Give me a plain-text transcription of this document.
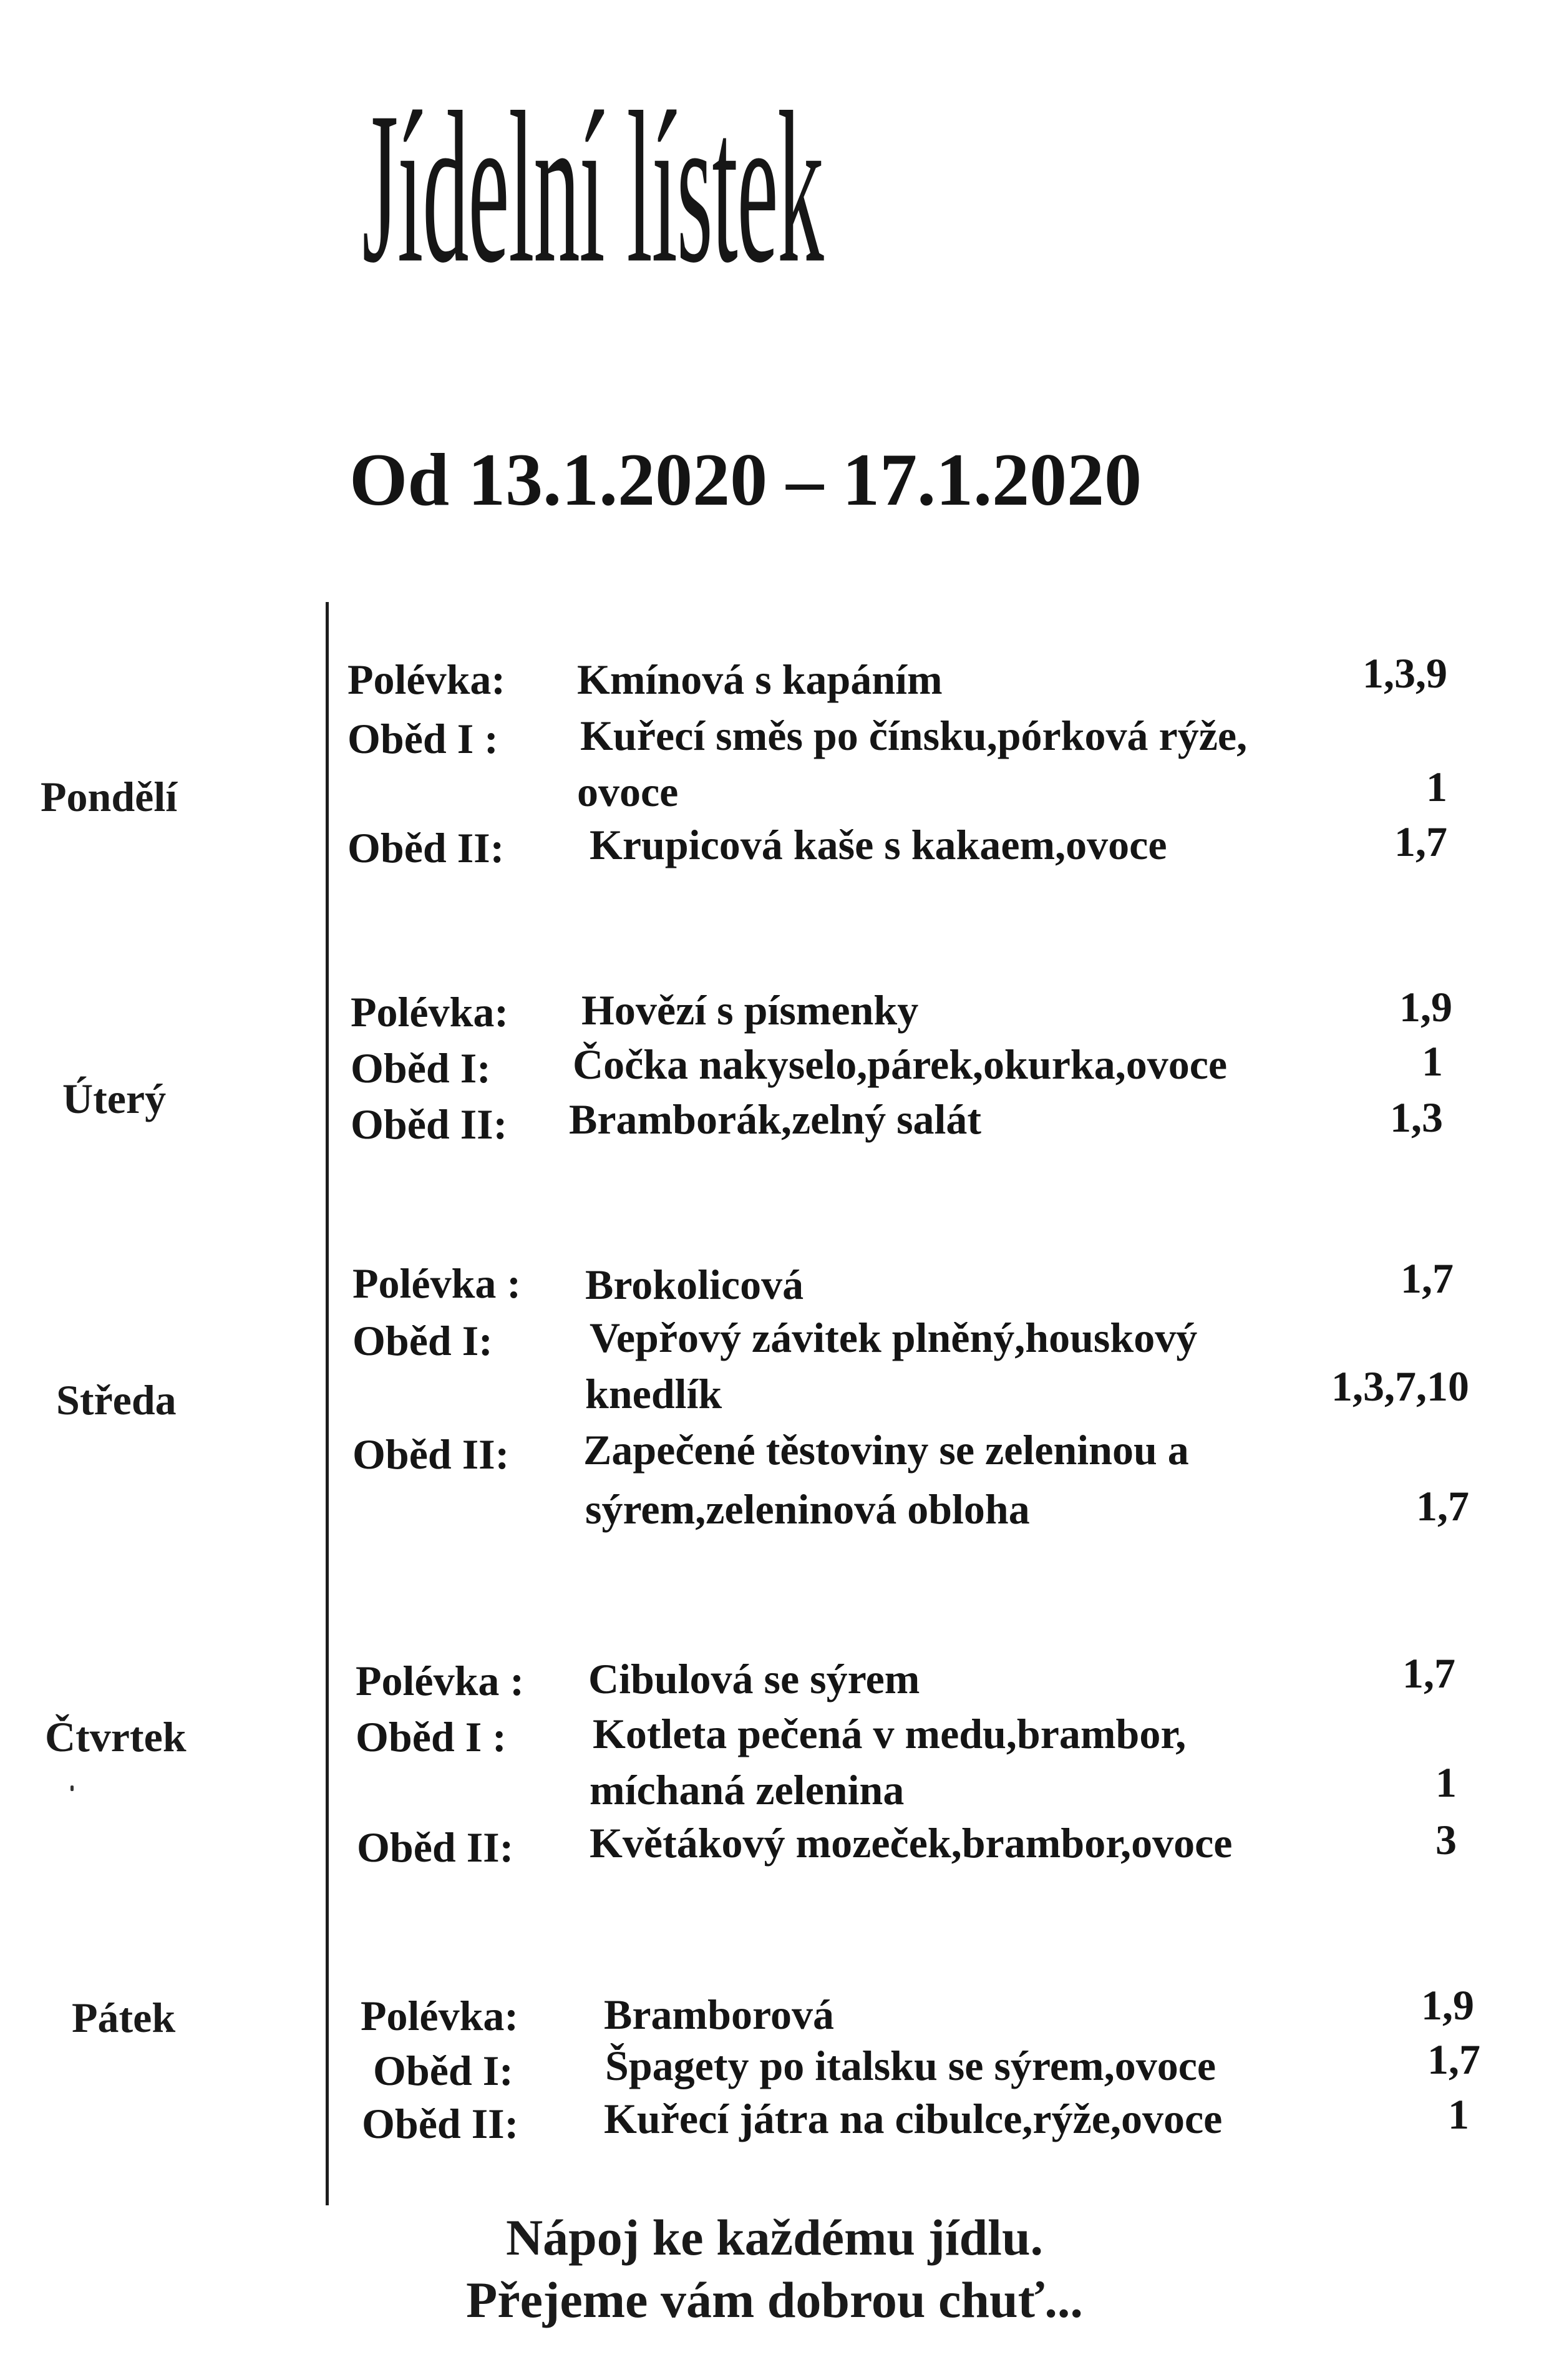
Jídelní lístek
Od 13.1.2020 – 17.1.2020
Pondělí
Polévka: Kmínová s kapáním	1,3,9
Oběd I : Kuřecí směs po čínsku,pórková rýže,
ovoce	1
Oběd II: Krupicová kaše s kakaem,ovoce	1,7
Úterý
Polévka: Hovězí s písmenky	1,9
Oběd I: Čočka nakyselo,párek,okurka,ovoce	1
Oběd II: Bramborák,zelný salát	1,3
Středa
Polévka : Brokolicová	1,7
Oběd I: Vepřový závitek plněný,houskový
knedlík	1,3,7,10
Oběd II: Zapečené těstoviny se zeleninou a
sýrem,zeleninová obloha	1,7
Čtvrtek
Polévka : Cibulová se sýrem	1,7
Oběd I : Kotleta pečená v medu,brambor,
míchaná zelenina	1
Oběd II: Květákový mozeček,brambor,ovoce	3
Pátek	Polévka: Bramborová	1,9
Oběd I: Špagety po italsku se sýrem,ovoce	1,7
Oběd II: Kuřecí játra na cibulce,rýže,ovoce	1
Nápoj ke každému jídlu.
Přejeme vám dobrou chuť...
